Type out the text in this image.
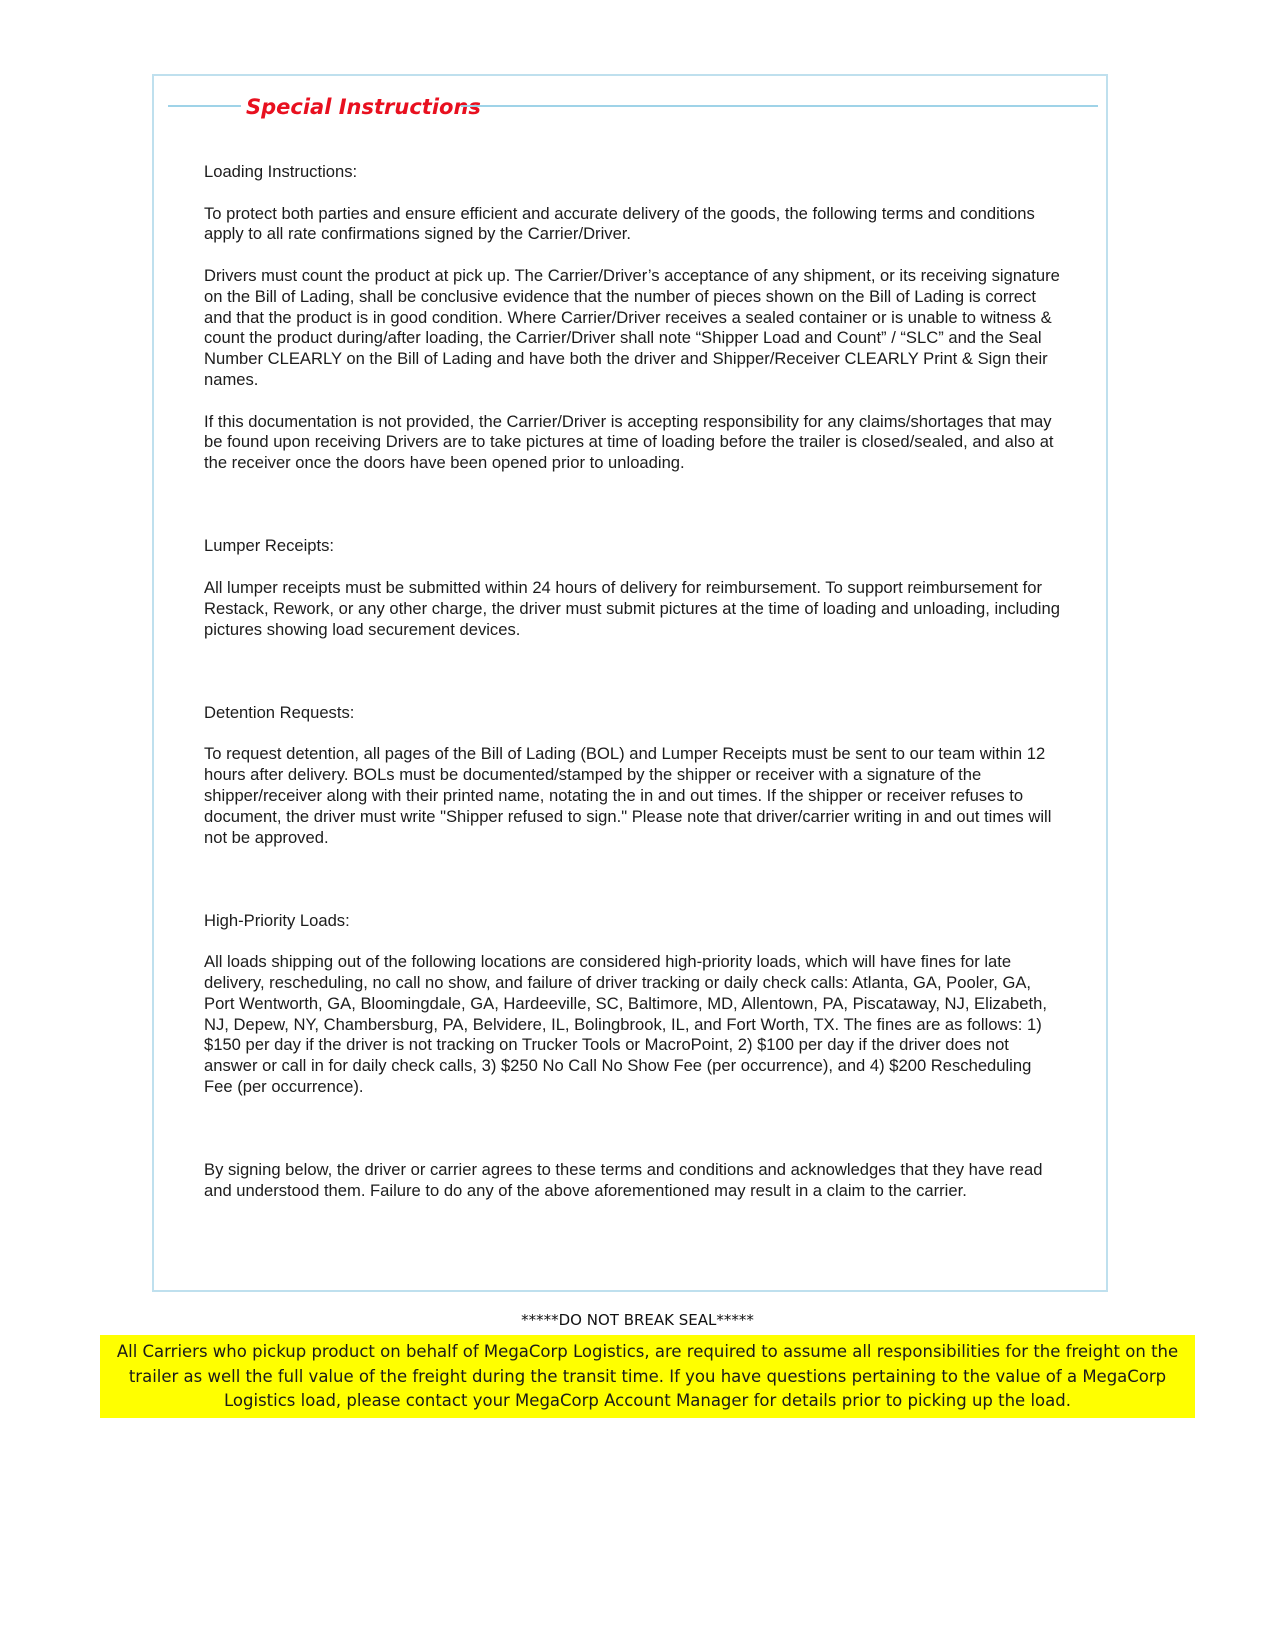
Special Instructions

Loading Instructions:

To protect both parties and ensure efficient and accurate delivery of the goods, the following terms and conditions apply to all rate confirmations signed by the Carrier/Driver.

Drivers must count the product at pick up. The Carrier/Driver’s acceptance of any shipment, or its receiving signature on the Bill of Lading, shall be conclusive evidence that the number of pieces shown on the Bill of Lading is correct and that the product is in good condition. Where Carrier/Driver receives a sealed container or is unable to witness & count the product during/after loading, the Carrier/Driver shall note “Shipper Load and Count” / “SLC” and the Seal Number CLEARLY on the Bill of Lading and have both the driver and Shipper/Receiver CLEARLY Print & Sign their names.

If this documentation is not provided, the Carrier/Driver is accepting responsibility for any claims/shortages that may be found upon receiving Drivers are to take pictures at time of loading before the trailer is closed/sealed, and also at the receiver once the doors have been opened prior to unloading.

Lumper Receipts:

All lumper receipts must be submitted within 24 hours of delivery for reimbursement. To support reimbursement for Restack, Rework, or any other charge, the driver must submit pictures at the time of loading and unloading, including pictures showing load securement devices.

Detention Requests:

To request detention, all pages of the Bill of Lading (BOL) and Lumper Receipts must be sent to our team within 12 hours after delivery. BOLs must be documented/stamped by the shipper or receiver with a signature of the shipper/receiver along with their printed name, notating the in and out times. If the shipper or receiver refuses to document, the driver must write "Shipper refused to sign." Please note that driver/carrier writing in and out times will not be approved.

High-Priority Loads:

All loads shipping out of the following locations are considered high-priority loads, which will have fines for late delivery, rescheduling, no call no show, and failure of driver tracking or daily check calls: Atlanta, GA, Pooler, GA, Port Wentworth, GA, Bloomingdale, GA, Hardeeville, SC, Baltimore, MD, Allentown, PA, Piscataway, NJ, Elizabeth, NJ, Depew, NY, Chambersburg, PA, Belvidere, IL, Bolingbrook, IL, and Fort Worth, TX. The fines are as follows: 1) $150 per day if the driver is not tracking on Trucker Tools or MacroPoint, 2) $100 per day if the driver does not answer or call in for daily check calls, 3) $250 No Call No Show Fee (per occurrence), and 4) $200 Rescheduling Fee (per occurrence).

By signing below, the driver or carrier agrees to these terms and conditions and acknowledges that they have read and understood them. Failure to do any of the above aforementioned may result in a claim to the carrier.

*****DO NOT BREAK SEAL*****
All Carriers who pickup product on behalf of MegaCorp Logistics, are required to assume all responsibilities for the freight on the trailer as well the full value of the freight during the transit time. If you have questions pertaining to the value of a MegaCorp Logistics load, please contact your MegaCorp Account Manager for details prior to picking up the load.
